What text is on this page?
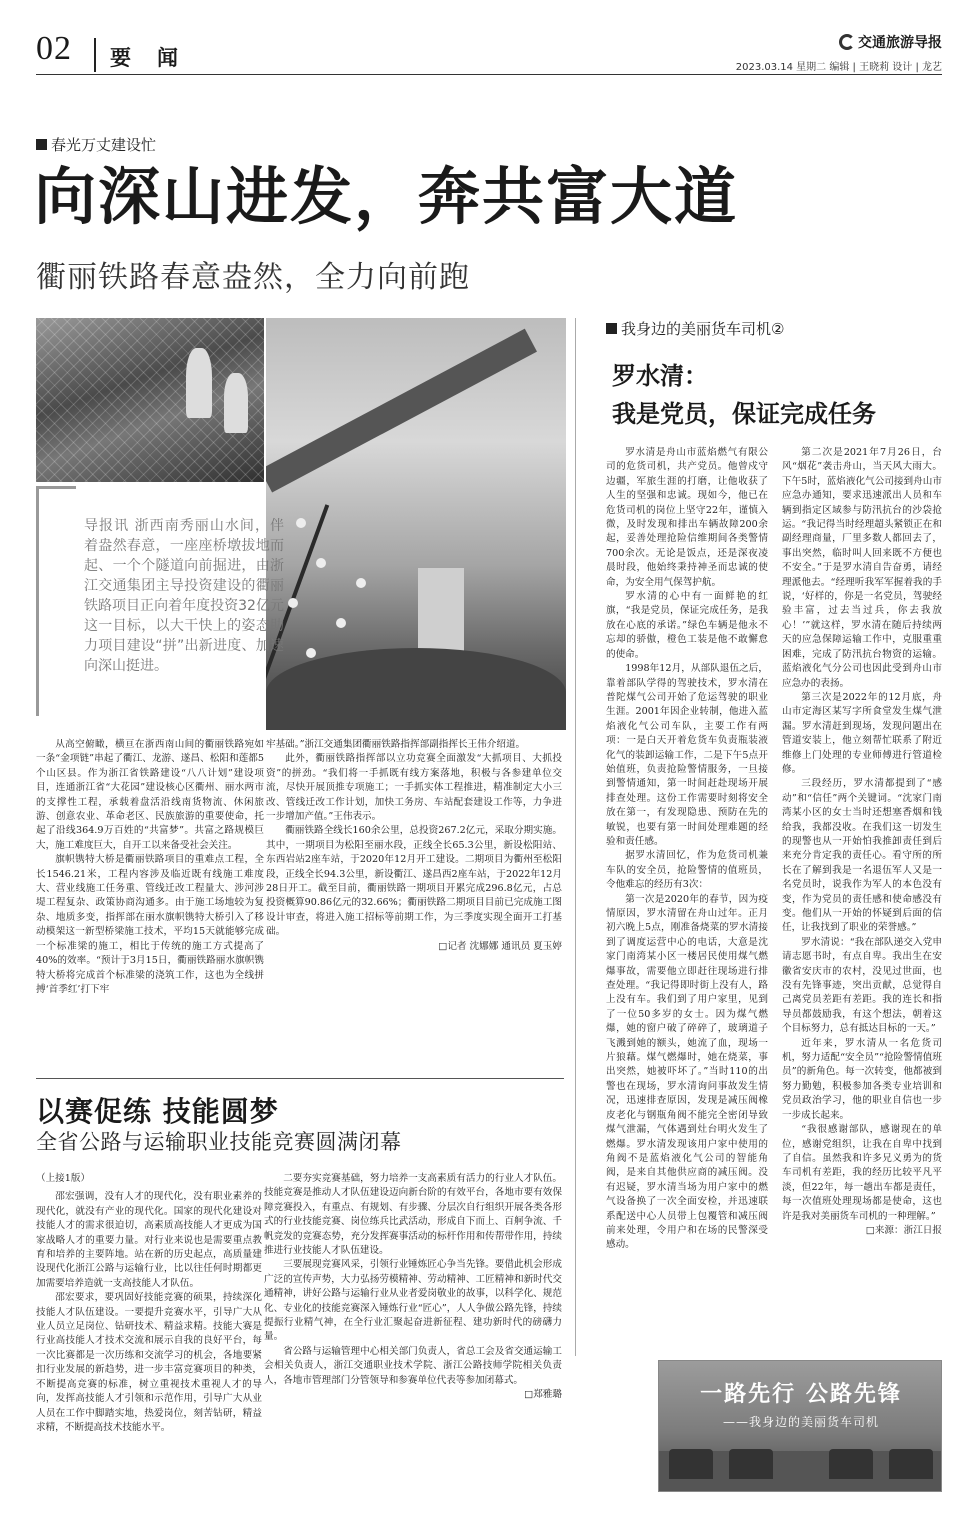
02 要闻
交通旅游导报
2023.03.14 星期二 编辑 | 王晓莉 设计 | 龙艺
春光万丈建设忙
向深山进发，奔共富大道
衢丽铁路春意盎然，全力向前跑
导报讯 浙西南秀丽山水间，伴着盎然春意，一座座桥墩拔地而起、一个个隧道向前掘进，由浙江交通集团主导投资建设的衢丽铁路项目正向着年度投资32亿元这一目标，以大干快上的姿态助力项目建设“拼”出新进度、加速向深山挺进。

从高空俯瞰，横亘在浙西南山间的衢丽铁路宛如一条“金项链”串起了衢江、龙游、遂昌、松阳和莲都5个山区县。作为浙江省铁路建设“八八计划”建设项目，连通浙江省“大花园”建设核心区衢州、丽水两市的支撑性工程，承载着盘活沿线南货物流、休闲旅游、创意农业、革命老区、民族旅游的重要使命，托起了沿线364.9万百姓的“共富梦”。共富之路规模巨大，施工难度巨大，自开工以来备受社会关注。

旗帜镌特大桥是衢丽铁路项目的重难点工程，全长1546.21米，工程内容涉及临近既有线施工难度大、营业线施工任务重、管线迁改工程量大、涉河涉堤工程复杂、政策协商沟通多。由于施工场地较为复杂、地质多变，指挥部在丽水旗帜镌特大桥引入了移动模架这一新型桥梁施工技术，平均15天就能够完成一个标准梁的施工，相比于传统的施工方式提高了40%的效率。“预计于3月15日，衢丽铁路丽水旗帜镌特大桥将完成首个标准梁的浇筑工作，这也为全线拼搏‘首季红’打下牢

牢基础。”浙江交通集团衢丽铁路指挥部副指挥长王伟介绍道。

此外，衢丽铁路指挥部以立功竞赛全面激发“大抓项目、大抓投资”的拼劲。“我们将一手抓既有线方案落地，积极与各参建单位交流，尽快开展顶推专项施工；一手抓实体工程推进，精准制定大小三改、管线迁改工作计划，加快工务房、车站配套建设工作等，力争进一步增加产值。”王伟表示。

衢丽铁路全线长160余公里，总投资267.2亿元，采取分期实施。其中，一期项目为松阳至丽水段，正线全长65.3公里，新设松阳站、东西岩站2座车站，于2020年12月开工建设。二期项目为衢州至松阳段，正线全长94.3公里，新设衢江、遂昌西2座车站，于2022年12月28日开工。截至目前，衢丽铁路一期项目开累完成296.8亿元，占总投资概算90.86亿元的32.66%；衢丽铁路二期项目目前已完成施工图设计审查，将进入施工招标等前期工作，为三季度实现全面开工打基础。

□记者 沈娜娜 通讯员 夏玉婷
我身边的美丽货车司机②
罗水清：
我是党员，保证完成任务

罗水清是舟山市蓝焰燃气有限公司的危货司机，共产党员。他曾戍守边疆，军旅生涯的打磨，让他收获了人生的坚强和忠诚。现如今，他已在危货司机的岗位上坚守22年，谨慎入微，及时发现和排出车辆故障200余起，妥善处理抢险信维期间各类警情700余次。无论是饭点，还是深夜凌晨时段，他始终秉持神圣而忠诚的使命，为安全用气保驾护航。

罗水清的心中有一面鲜艳的红旗，“我是党员，保证完成任务，是我放在心底的承诺。”绿色车辆是他永不忘却的骄傲，橙色工装是他不敢懈怠的使命。

1998年12月，从部队退伍之后，靠着部队学得的驾驶技术，罗水清在普陀煤气公司开始了危运驾驶的职业生涯。2001年因企业转制，他进入蓝焰液化气公司车队，主要工作有两项：一是白天开着危货车负责瓶装液化气的装卸运输工作，二是下午5点开始值班，负责抢险警情服务，一旦接到警情通知，第一时间赶赴现场开展排查处理。这份工作需要时刻将安全放在第一，有发现隐患、预防在先的敏锐，也要有第一时间处理难题的经验和责任感。

据罗水清回忆，作为危货司机兼车队的安全员，抢险警情的值班员，令他难忘的经历有3次：

第一次是2020年的春节，因为疫情原因，罗水清留在舟山过年。正月初六晚上5点，刚准备烧菜的罗水清接到了调度运营中心的电话，大意是沈家门南湾某小区一楼居民使用煤气燃爆事故，需要他立即赶往现场进行排查处理。“我记得即时街上没有人，路上没有车。我们到了用户家里，见到了一位50多岁的女士。因为煤气燃爆，她的窗户破了碎碎了，玻璃道子飞溅到她的额头，她流了血，现场一片狼藉。煤气燃爆时，她在烧菜，事出突然，她被吓坏了。”当时110的出警也在现场，罗水清询问事故发生情况，迅速排查原因，发现是减压阀橡皮老化与钢瓶角阀不能完全密闭导致煤气泄漏，气体遇到灶台明火发生了燃爆。罗水清发现该用户家中使用的角阀不是蓝焰液化气公司的智能角阀，是来自其他供应商的减压阀。没有迟疑，罗水清当场为用户家中的燃气设备换了一次全面安检，并迅速联系配送中心人员带上包覆管和减压阀前来处理，令用户和在场的民警深受感动。

第二次是2021年7月26日，台风“烟花”袭击舟山，当天风大雨大。下午5时，蓝焰液化气公司接到舟山市应急办通知，要求迅速派出人员和车辆到指定区域参与防汛抗台的沙袋抢运。“我记得当时经理超头紧锁正在和副经理商量，厂里多数人都回去了，事出突然，临时叫人回来既不方便也不安全。”于是罗水清自告奋勇，请经理派他去。“经理听我军军握着我的手说，‘好样的，你是一名党员，驾驶经验丰富，过去当过兵，你去我放心！’”就这样，罗水清在随后持续两天的应急保障运输工作中，克服重重困难，完成了防汛抗台物资的运输。蓝焰液化气分公司也因此受到舟山市应急办的表扬。

第三次是2022年的12月底，舟山市定海区某写字所食堂发生煤气泄漏。罗水清赶到现场，发现问题出在管道安装上，他立刻帮忙联系了附近维修上门处理的专业师傅进行管道检修。

三段经历，罗水清都提到了“感动”和“信任”两个关键词。“沈家门南湾某小区的女士当时还想塞香烟和钱给我，我都没收。在我们这一切发生的现警也从一开始怕我推卸责任到后来充分肯定我的责任心。看守所的所长在了解到我是一名退伍军人又是一名党员时，说我作为军人的本色没有变，作为党员的责任感和使命感没有变。他们从一开始的怀疑到后面的信任，让我找到了职业的荣誉感。”

罗水清说：“我在部队递交入党申请志愿书时，有点自卑。我出生在安徽省安庆市的农村，没见过世面，也没有先锋事迹，突出贡献，总觉得自己离党员差距有差距。我的连长和指导员都鼓励我，有这个想法，朝着这个目标努力，总有抵达目标的一天。”

近年来，罗水清从一名危货司机，努力适配“安全员”“抢险警情值班员”的新角色。每一次转变，他都被到努力勤勉，积极参加各类专业培训和党员政治学习，他的职业自信也一步一步成长起来。

“我很感谢部队，感谢现在的单位，感谢党组织，让我在自卑中找到了自信。虽然我和许多兄义勇为的货车司机有差距，我的经历比较平凡平淡，但22年，每一趟出车都是责任，每一次值班处理现场都是使命，这也许是我对美丽货车司机的一种理解。”

□来源：浙江日报
以赛促练 技能圆梦
全省公路与运输职业技能竞赛圆满闭幕
（上接1版）

邵宏强调，没有人才的现代化，没有职业素养的现代化，就没有产业的现代化。国家的现代化建设对技能人才的需求很迫切，高素质高技能人才更成为国家战略人才的重要力量。对行业来说也是需要重点教育和培养的主要阵地。站在新的历史起点，高质量建设现代化浙江公路与运输行业，比以往任何时期都更加需要培养造就一支高技能人才队伍。

邵宏要求，要巩固好技能竞赛的硕果，持续深化技能人才队伍建设。一要提升竞赛水平，引导广大从业人员立足岗位、钻研技术、精益求精。技能大赛是行业高技能人才技术交流和展示自我的良好平台，每一次比赛都是一次历练和交流学习的机会，各地要紧扣行业发展的新趋势，进一步丰富竞赛项目的种类，不断提高竞赛的标准，树立重视技术重视人才的导向，发挥高技能人才引领和示范作用，引导广大从业人员在工作中脚踏实地，热爱岗位，刻苦钻研，精益求精，不断提高技术技能水平。

二要夯实竞赛基础，努力培养一支高素质有活力的行业人才队伍。技能竞赛是推动人才队伍建设迈向新台阶的有效平台，各地市要有效保障竞赛投入，有重点、有规划、有步骤、分层次自行组织开展各类各形式的行业技能竞赛、岗位练兵比武活动，形成自下而上、百舸争流、千帆竞发的竞赛态势，充分发挥赛事活动的标杆作用和传帮带作用，持续推进行业技能人才队伍建设。

三要展现竞赛风采，引领行业锤炼匠心争当先锋。要借此机会形成广泛的宣传声势，大力弘扬劳模精神、劳动精神、工匠精神和新时代交通精神，讲好公路与运输行业从业者爱岗敬业的故事，以科学化、规范化、专业化的技能竞赛深入锤炼行业“匠心”，人人争做公路先锋，持续提振行业精气神，在全行业汇聚起奋进新征程、建功新时代的磅礴力量。

省公路与运输管理中心相关部门负责人，省总工会及省交通运输工会相关负责人，浙江交通职业技术学院、浙江公路技师学院相关负责人，各地市管理部门分管领导和参赛单位代表等参加闭幕式。

□郑雅璐	一路先行 公路先锋
——我身边的美丽货车司机
